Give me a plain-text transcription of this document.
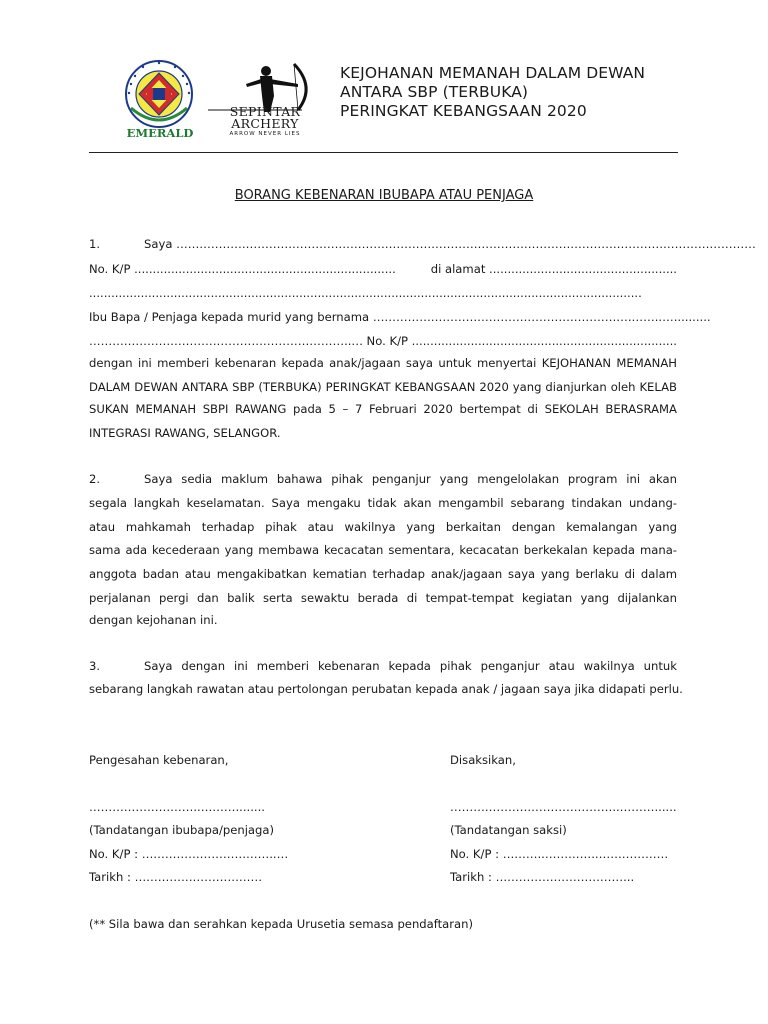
EMERALD
SEPINTAR ARCHERY
ARROW NEVER LIES
KEJOHANAN MEMANAH DALAM DEWAN
ANTARA SBP (TERBUKA)
PERINGKAT KEBANGSAAN 2020
BORANG KEBENARAN IBUBAPA ATAU PENJAGA
1.	Saya ……………………………………………………………………………………………………………………………………
No. K/P .......................................................................	di alamat ...................................................
......................................................................................................................................................
Ibu Bapa / Penjaga kepada murid yang bernama ………………………………………………………….……..…..........
…………………………………………………………..… No. K/P ........................................................................
dengan ini memberi kebenaran kepada anak/jagaan saya untuk menyertai KEJOHANAN MEMANAH
DALAM DEWAN ANTARA SBP (TERBUKA) PERINGKAT KEBANGSAAN 2020 yang dianjurkan oleh KELAB
SUKAN MEMANAH SBPI RAWANG pada 5 – 7 Februari 2020 bertempat di SEKOLAH BERASRAMA
INTEGRASI RAWANG, SELANGOR.
2.	Saya sedia maklum bahawa pihak penganjur yang mengelolakan program ini akan
segala langkah keselamatan. Saya mengaku tidak akan mengambil sebarang tindakan undang-
atau mahkamah terhadap pihak atau wakilnya yang berkaitan dengan kemalangan yang
sama ada kecederaan yang membawa kecacatan sementara, kecacatan berkekalan kepada mana-
anggota badan atau mengakibatkan kematian terhadap anak/jagaan saya yang berlaku di dalam
perjalanan pergi dan balik serta sewaktu berada di tempat-tempat kegiatan yang dijalankan
dengan kejohanan ini.
3.	Saya dengan ini memberi kebenaran kepada pihak penganjur atau wakilnya untuk
sebarang langkah rawatan atau pertolongan perubatan kepada anak / jagaan saya jika didapati perlu.
Pengesahan kebenaran,	Disaksikan,
………………………..………........	……………………………………..………......
(Tandatangan ibubapa/penjaga)	(Tandatangan saksi)
No. K/P : ……………………………..…	No. K/P : ………..…………..………………
Tarikh : ……………………………	Tarikh : ……………………………...
(** Sila bawa dan serahkan kepada Urusetia semasa pendaftaran)
